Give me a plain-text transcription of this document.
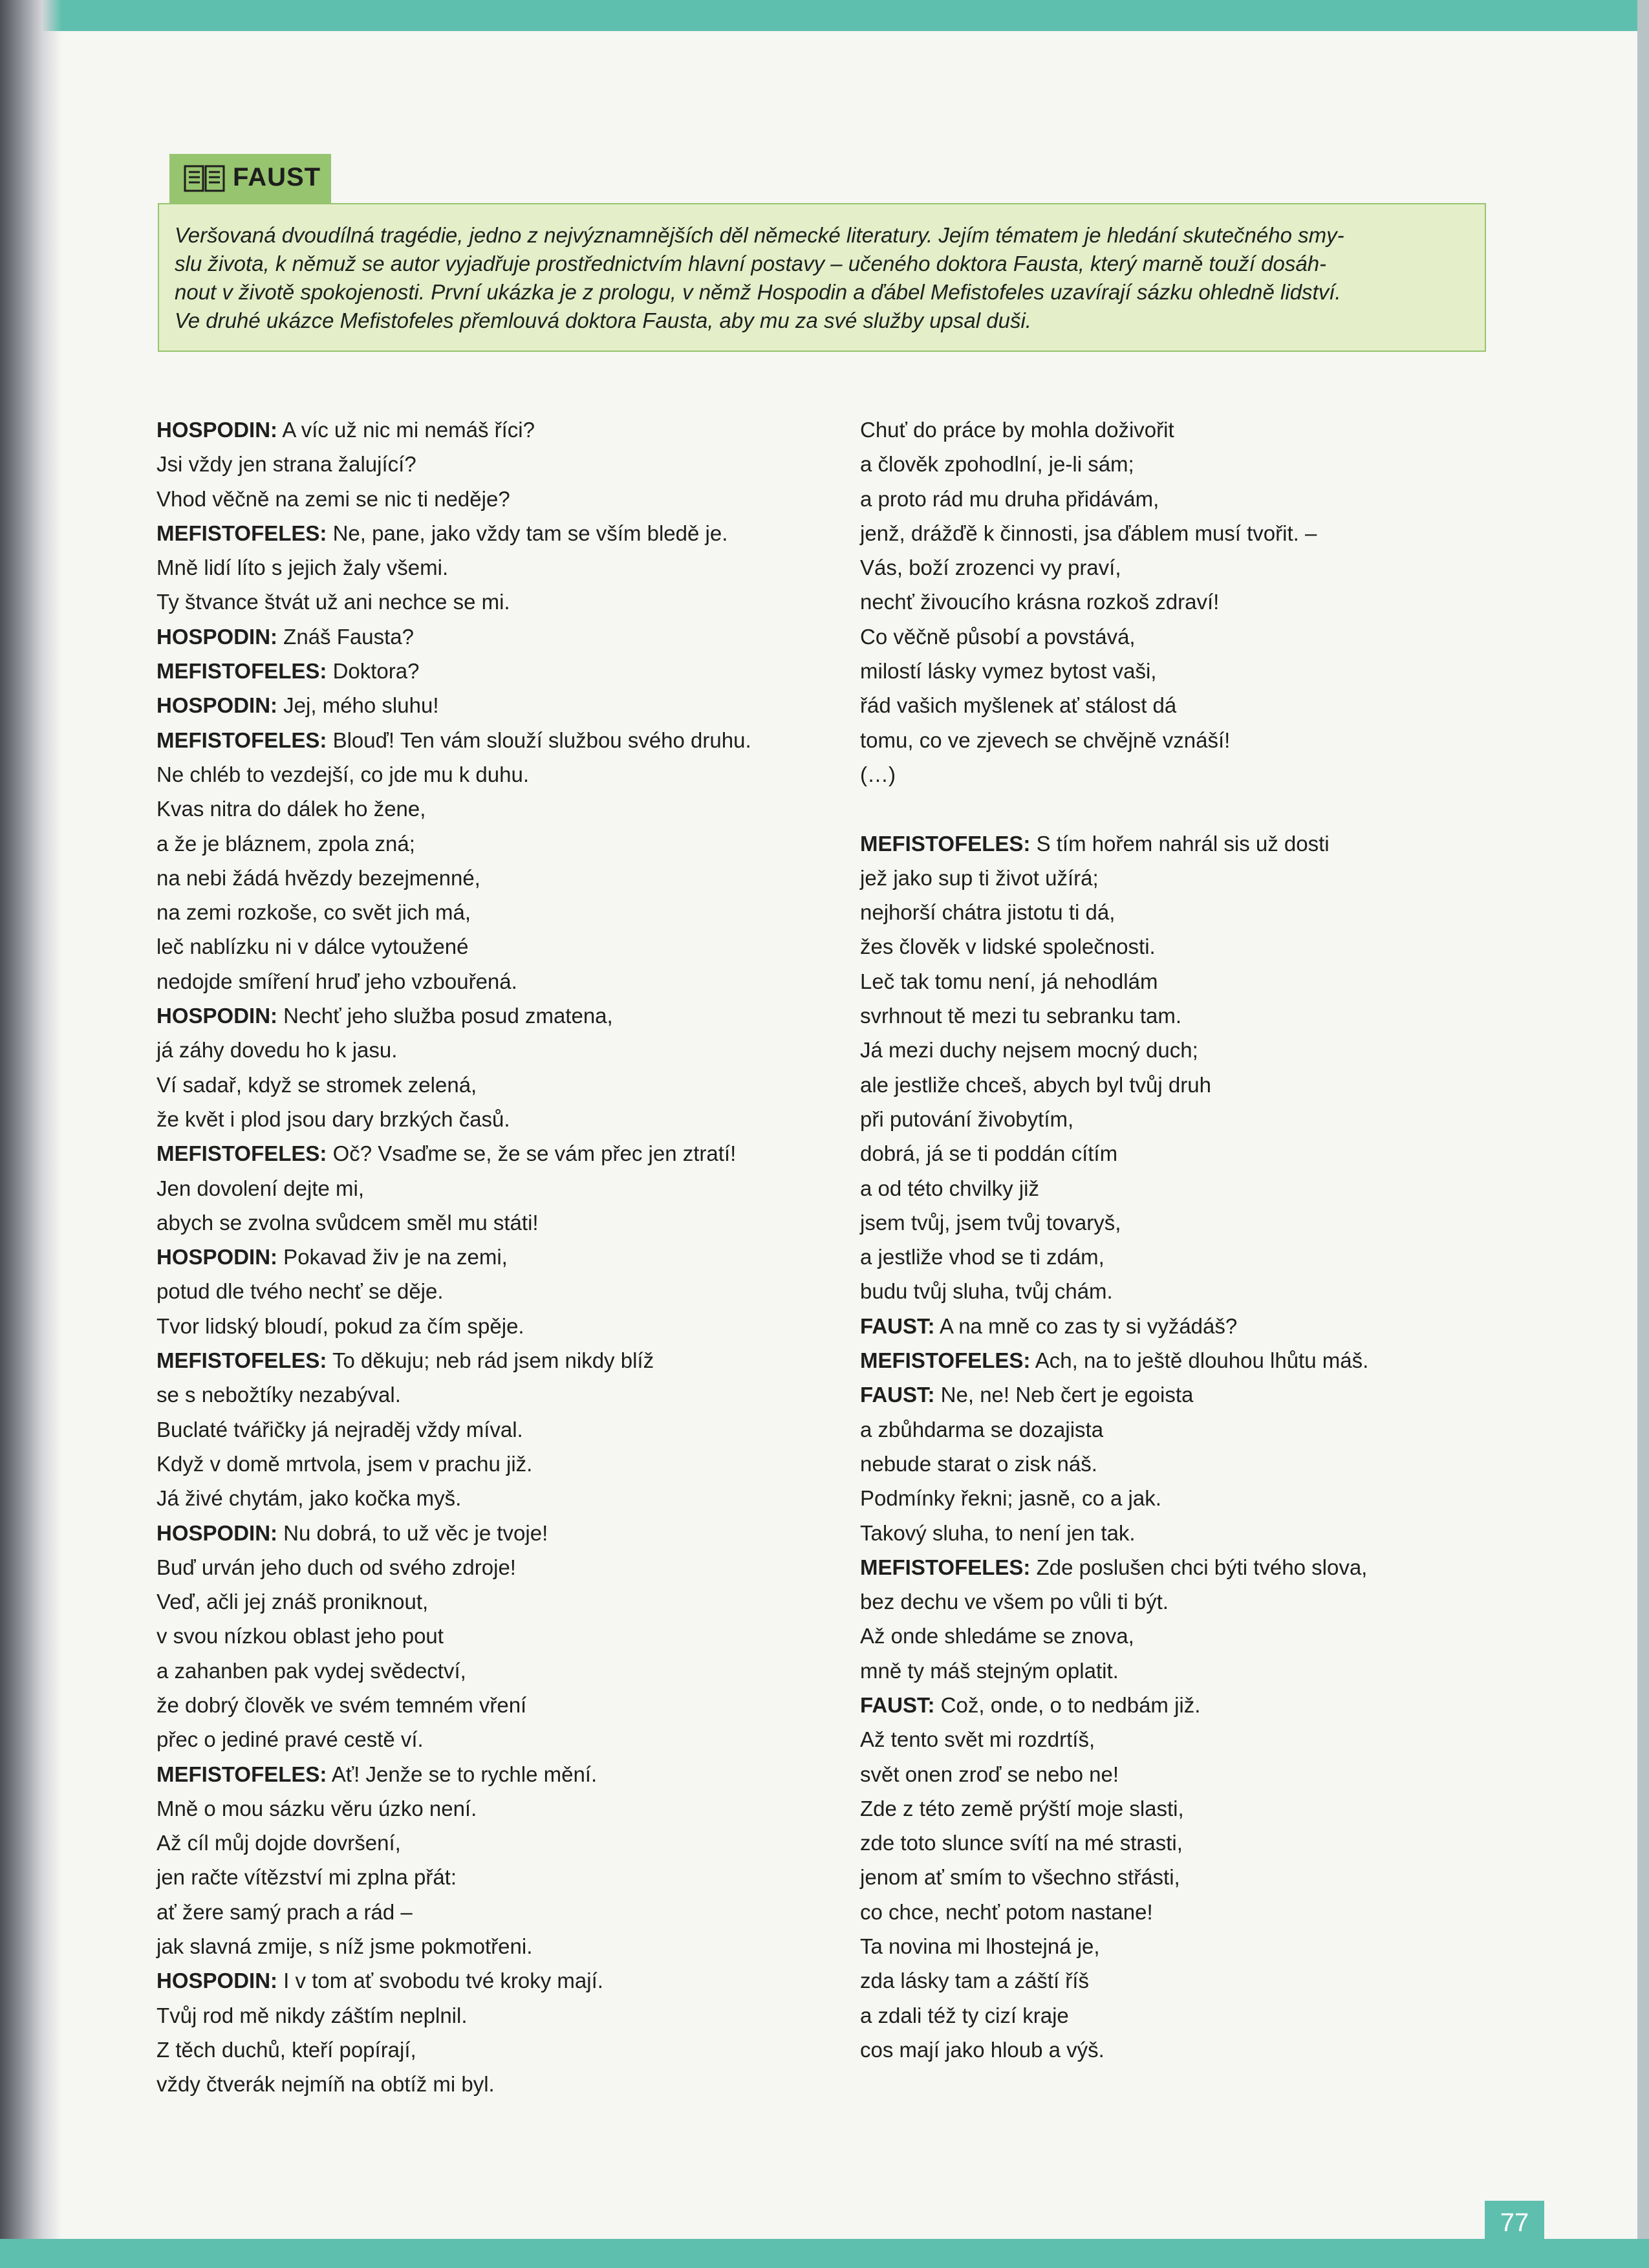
FAUST
Veršovaná dvoudílná tragédie, jedno z nejvýznamnějších děl německé literatury. Jejím tématem je hledání skutečného smy-
slu života, k němuž se autor vyjadřuje prostřednictvím hlavní postavy – učeného doktora Fausta, který marně touží dosáh-
nout v životě spokojenosti. První ukázka je z prologu, v němž Hospodin a ďábel Mefistofeles uzavírají sázku ohledně lidství.
Ve druhé ukázce Mefistofeles přemlouvá doktora Fausta, aby mu za své služby upsal duši.
HOSPODIN: A víc už nic mi nemáš říci?
Jsi vždy jen strana žalující?
Vhod věčně na zemi se nic ti neděje?
MEFISTOFELES: Ne, pane, jako vždy tam se vším bledě je.
Mně lidí líto s jejich žaly všemi.
Ty štvance štvát už ani nechce se mi.
HOSPODIN: Znáš Fausta?
MEFISTOFELES: Doktora?
HOSPODIN: Jej, mého sluhu!
MEFISTOFELES: Blouď! Ten vám slouží službou svého druhu.
Ne chléb to vezdejší, co jde mu k duhu.
Kvas nitra do dálek ho žene,
a že je bláznem, zpola zná;
na nebi žádá hvězdy bezejmenné,
na zemi rozkoše, co svět jich má,
leč nablízku ni v dálce vytoužené
nedojde smíření hruď jeho vzbouřená.
HOSPODIN: Nechť jeho služba posud zmatena,
já záhy dovedu ho k jasu.
Ví sadař, když se stromek zelená,
že květ i plod jsou dary brzkých časů.
MEFISTOFELES: Oč? Vsaďme se, že se vám přec jen ztratí!
Jen dovolení dejte mi,
abych se zvolna svůdcem směl mu státi!
HOSPODIN: Pokavad živ je na zemi,
potud dle tvého nechť se děje.
Tvor lidský bloudí, pokud za čím spěje.
MEFISTOFELES: To děkuju; neb rád jsem nikdy blíž
se s nebožtíky nezabýval.
Buclaté tvářičky já nejraděj vždy míval.
Když v domě mrtvola, jsem v prachu již.
Já živé chytám, jako kočka myš.
HOSPODIN: Nu dobrá, to už věc je tvoje!
Buď urván jeho duch od svého zdroje!
Veď, ačli jej znáš proniknout,
v svou nízkou oblast jeho pout
a zahanben pak vydej svědectví,
že dobrý člověk ve svém temném vření
přec o jediné pravé cestě ví.
MEFISTOFELES: Ať! Jenže se to rychle mění.
Mně o mou sázku věru úzko není.
Až cíl můj dojde dovršení,
jen račte vítězství mi zplna přát:
ať žere samý prach a rád –
jak slavná zmije, s níž jsme pokmotřeni.
HOSPODIN: I v tom ať svobodu tvé kroky mají.
Tvůj rod mě nikdy záštím neplnil.
Z těch duchů, kteří popírají,
vždy čtverák nejmíň na obtíž mi byl.
Chuť do práce by mohla doživořit
a člověk zpohodlní, je-li sám;
a proto rád mu druha přidávám,
jenž, drážďě k činnosti, jsa ďáblem musí tvořit. –
Vás, boží zrozenci vy praví,
nechť živoucího krásna rozkoš zdraví!
Co věčně působí a povstává,
milostí lásky vymez bytost vaši,
řád vašich myšlenek ať stálost dá
tomu, co ve zjevech se chvějně vznáší!
(…)
MEFISTOFELES: S tím hořem nahrál sis už dosti
jež jako sup ti život užírá;
nejhorší chátra jistotu ti dá,
žes člověk v lidské společnosti.
Leč tak tomu není, já nehodlám
svrhnout tě mezi tu sebranku tam.
Já mezi duchy nejsem mocný duch;
ale jestliže chceš, abych byl tvůj druh
při putování živobytím,
dobrá, já se ti poddán cítím
a od této chvilky již
jsem tvůj, jsem tvůj tovaryš,
a jestliže vhod se ti zdám,
budu tvůj sluha, tvůj chám.
FAUST: A na mně co zas ty si vyžádáš?
MEFISTOFELES: Ach, na to ještě dlouhou lhůtu máš.
FAUST: Ne, ne! Neb čert je egoista
a zbůhdarma se dozajista
nebude starat o zisk náš.
Podmínky řekni; jasně, co a jak.
Takový sluha, to není jen tak.
MEFISTOFELES: Zde poslušen chci býti tvého slova,
bez dechu ve všem po vůli ti být.
Až onde shledáme se znova,
mně ty máš stejným oplatit.
FAUST: Což, onde, o to nedbám již.
Až tento svět mi rozdrtíš,
svět onen zroď se nebo ne!
Zde z této země prýští moje slasti,
zde toto slunce svítí na mé strasti,
jenom ať smím to všechno střásti,
co chce, nechť potom nastane!
Ta novina mi lhostejná je,
zda lásky tam a záští říš
a zdali též ty cizí kraje
cos mají jako hloub a výš.
77
